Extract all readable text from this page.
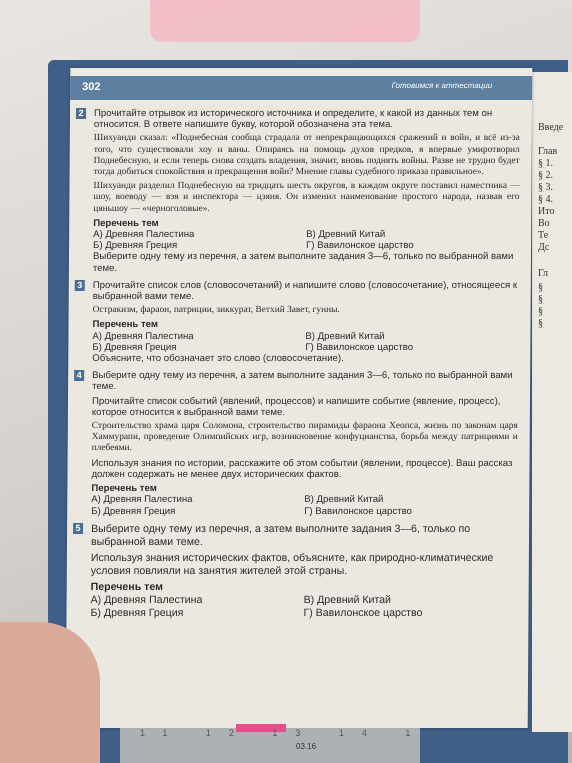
Введе
Глав
§ 1.
§ 2.
§ 3.
§ 4.
Ито
Во
Те
Дс
Гл
§
§
§
§
302	Готовимся к аттестации
2 Прочитайте отрывок из исторического источника и определите, к какой из данных тем он относится. В ответе напишите букву, которой обозначена эта тема.

Шихуанди сказал: «Поднебесная сообща страдала от непрекращающихся сражений и войн, и всё из-за того, что существовали хоу и ваны. Опираясь на помощь духов предков, я впервые умиротворил Поднебесную, и если теперь снова создать владения, значит, вновь поднять войны. Разве не трудно будет тогда добиться спокойствия и прекращения войн? Мнение главы судебного приказа правильное».

Шихуанди разделил Поднебесную на тридцать шесть округов, в каждом округе поставил наместника — шоу, воеводу — вэя и инспектора — цзяня. Он изменил наименование простого народа, назвав его цяньшоу — «черноголовые».

Перечень тем
А) Древняя Палестина	В) Древний Китай
Б) Древняя Греция	Г) Вавилонское царство

Выберите одну тему из перечня, а затем выполните задания 3—6, только по выбранной вами теме.

3 Прочитайте список слов (словосочетаний) и напишите слово (словосочетание), относящееся к выбранной вами теме.

Остракизм, фараон, патриции, зиккурат, Ветхий Завет, гунны.

Перечень тем
А) Древняя Палестина	В) Древний Китай
Б) Древняя Греция	Г) Вавилонское царство

Объясните, что обозначает это слово (словосочетание).

4 Выберите одну тему из перечня, а затем выполните задания 3—6, только по выбранной вами теме.

Прочитайте список событий (явлений, процессов) и напишите событие (явление, процесс), которое относится к выбранной вами теме.

Строительство храма царя Соломона, строительство пирамиды фараона Хеопса, жизнь по законам царя Хаммурапи, проведение Олимпийских игр, возникновение конфуцианства, борьба между патрициями и плебеями.

Используя знания по истории, расскажите об этом событии (явлении, процессе). Ваш рассказ должен содержать не менее двух исторических фактов.

Перечень тем
А) Древняя Палестина	В) Древний Китай
Б) Древняя Греция	Г) Вавилонское царство
5 Выберите одну тему из перечня, а затем выполните задания 3—6, только по выбранной вами теме.

Используя знания исторических фактов, объясните, как природно-климатические условия повлияли на занятия жителей этой страны.

Перечень тем
А) Древняя Палестина	В) Древний Китай
Б) Древняя Греция	Г) Вавилонское царство
11 12 13 14 15
03.16
